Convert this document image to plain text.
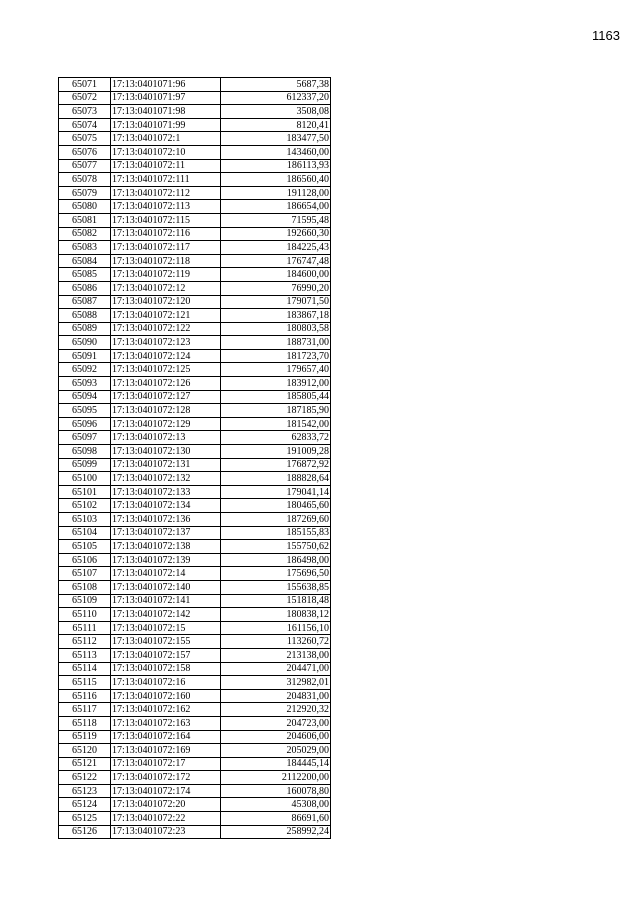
1163
65071	17:13:0401071:96	5687,38
65072	17:13:0401071:97	612337,20
65073	17:13:0401071:98	3508,08
65074	17:13:0401071:99	8120,41
65075	17:13:0401072:1	183477,50
65076	17:13:0401072:10	143460,00
65077	17:13:0401072:11	186113,93
65078	17:13:0401072:111	186560,40
65079	17:13:0401072:112	191128,00
65080	17:13:0401072:113	186654,00
65081	17:13:0401072:115	71595,48
65082	17:13:0401072:116	192660,30
65083	17:13:0401072:117	184225,43
65084	17:13:0401072:118	176747,48
65085	17:13:0401072:119	184600,00
65086	17:13:0401072:12	76990,20
65087	17:13:0401072:120	179071,50
65088	17:13:0401072:121	183867,18
65089	17:13:0401072:122	180803,58
65090	17:13:0401072:123	188731,00
65091	17:13:0401072:124	181723,70
65092	17:13:0401072:125	179657,40
65093	17:13:0401072:126	183912,00
65094	17:13:0401072:127	185805,44
65095	17:13:0401072:128	187185,90
65096	17:13:0401072:129	181542,00
65097	17:13:0401072:13	62833,72
65098	17:13:0401072:130	191009,28
65099	17:13:0401072:131	176872,92
65100	17:13:0401072:132	188828,64
65101	17:13:0401072:133	179041,14
65102	17:13:0401072:134	180465,60
65103	17:13:0401072:136	187269,60
65104	17:13:0401072:137	185155,83
65105	17:13:0401072:138	155750,62
65106	17:13:0401072:139	186498,00
65107	17:13:0401072:14	175696,50
65108	17:13:0401072:140	155638,85
65109	17:13:0401072:141	151818,48
65110	17:13:0401072:142	180838,12
65111	17:13:0401072:15	161156,10
65112	17:13:0401072:155	113260,72
65113	17:13:0401072:157	213138,00
65114	17:13:0401072:158	204471,00
65115	17:13:0401072:16	312982,01
65116	17:13:0401072:160	204831,00
65117	17:13:0401072:162	212920,32
65118	17:13:0401072:163	204723,00
65119	17:13:0401072:164	204606,00
65120	17:13:0401072:169	205029,00
65121	17:13:0401072:17	184445,14
65122	17:13:0401072:172	2112200,00
65123	17:13:0401072:174	160078,80
65124	17:13:0401072:20	45308,00
65125	17:13:0401072:22	86691,60
65126	17:13:0401072:23	258992,24
